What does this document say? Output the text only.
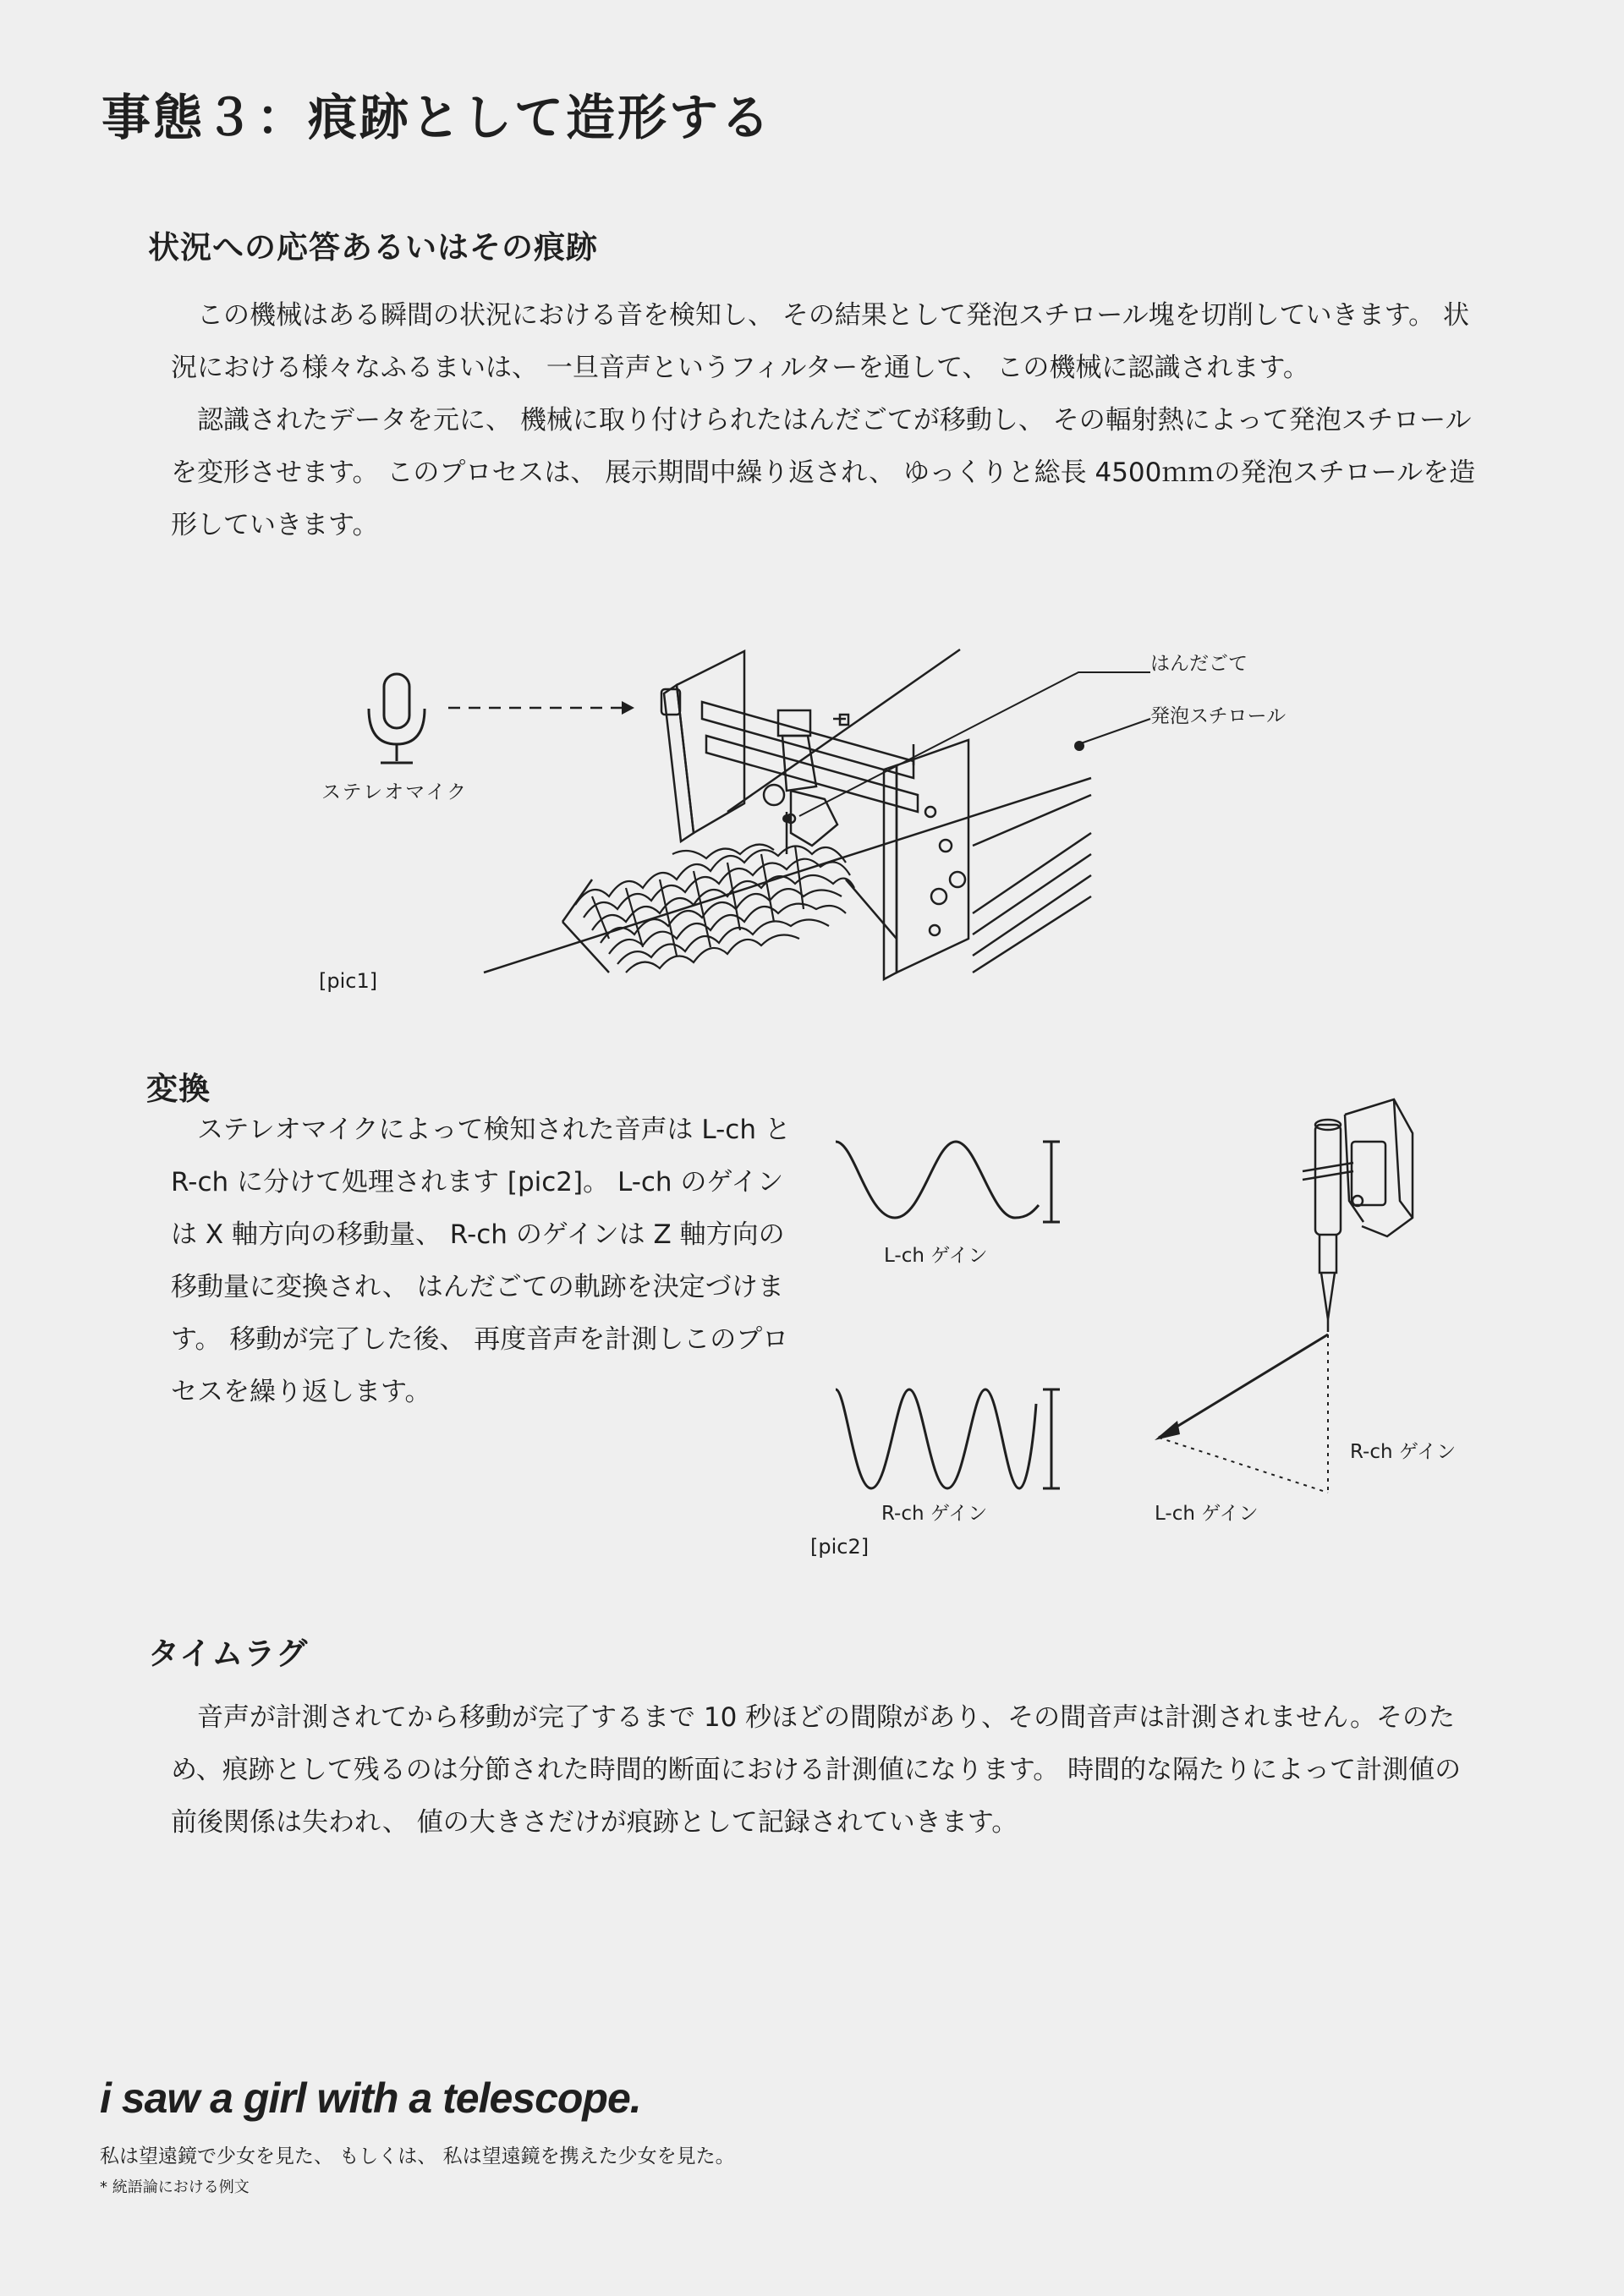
事態３：痕跡として造形する
状況への応答あるいはその痕跡

この機械はある瞬間の状況における音を検知し、 その結果として発泡スチロール塊を切削していきます。 状況における様々なふるまいは、 一旦音声というフィルターを通して、 この機械に認識されます。

認識されたデータを元に、 機械に取り付けられたはんだごてが移動し、 その輻射熱によって発泡スチロールを変形させます。 このプロセスは、 展示期間中繰り返され、 ゆっくりと総長 4500ｍｍの発泡スチロールを造形していきます。

ステレオマイク
はんだごて
発泡スチロール
[pic1]
変換

ステレオマイクによって検知された音声は L-ch と R-ch に分けて処理されます [pic2]。 L-ch のゲインは X 軸方向の移動量、 R-ch のゲインは Z 軸方向の移動量に変換され、 はんだごての軌跡を決定づけます。 移動が完了した後、 再度音声を計測しこのプロセスを繰り返します。

L-ch ゲイン
R-ch ゲイン
R-ch ゲイン
L-ch ゲイン
[pic2]
タイムラグ

音声が計測されてから移動が完了するまで 10 秒ほどの間隙があり、その間音声は計測されません。そのため、痕跡として残るのは分節された時間的断面における計測値になります。 時間的な隔たりによって計測値の前後関係は失われ、 値の大きさだけが痕跡として記録されていきます。

i saw a girl with a telescope.
私は望遠鏡で少女を見た、 もしくは、 私は望遠鏡を携えた少女を見た。
* 統語論における例文
